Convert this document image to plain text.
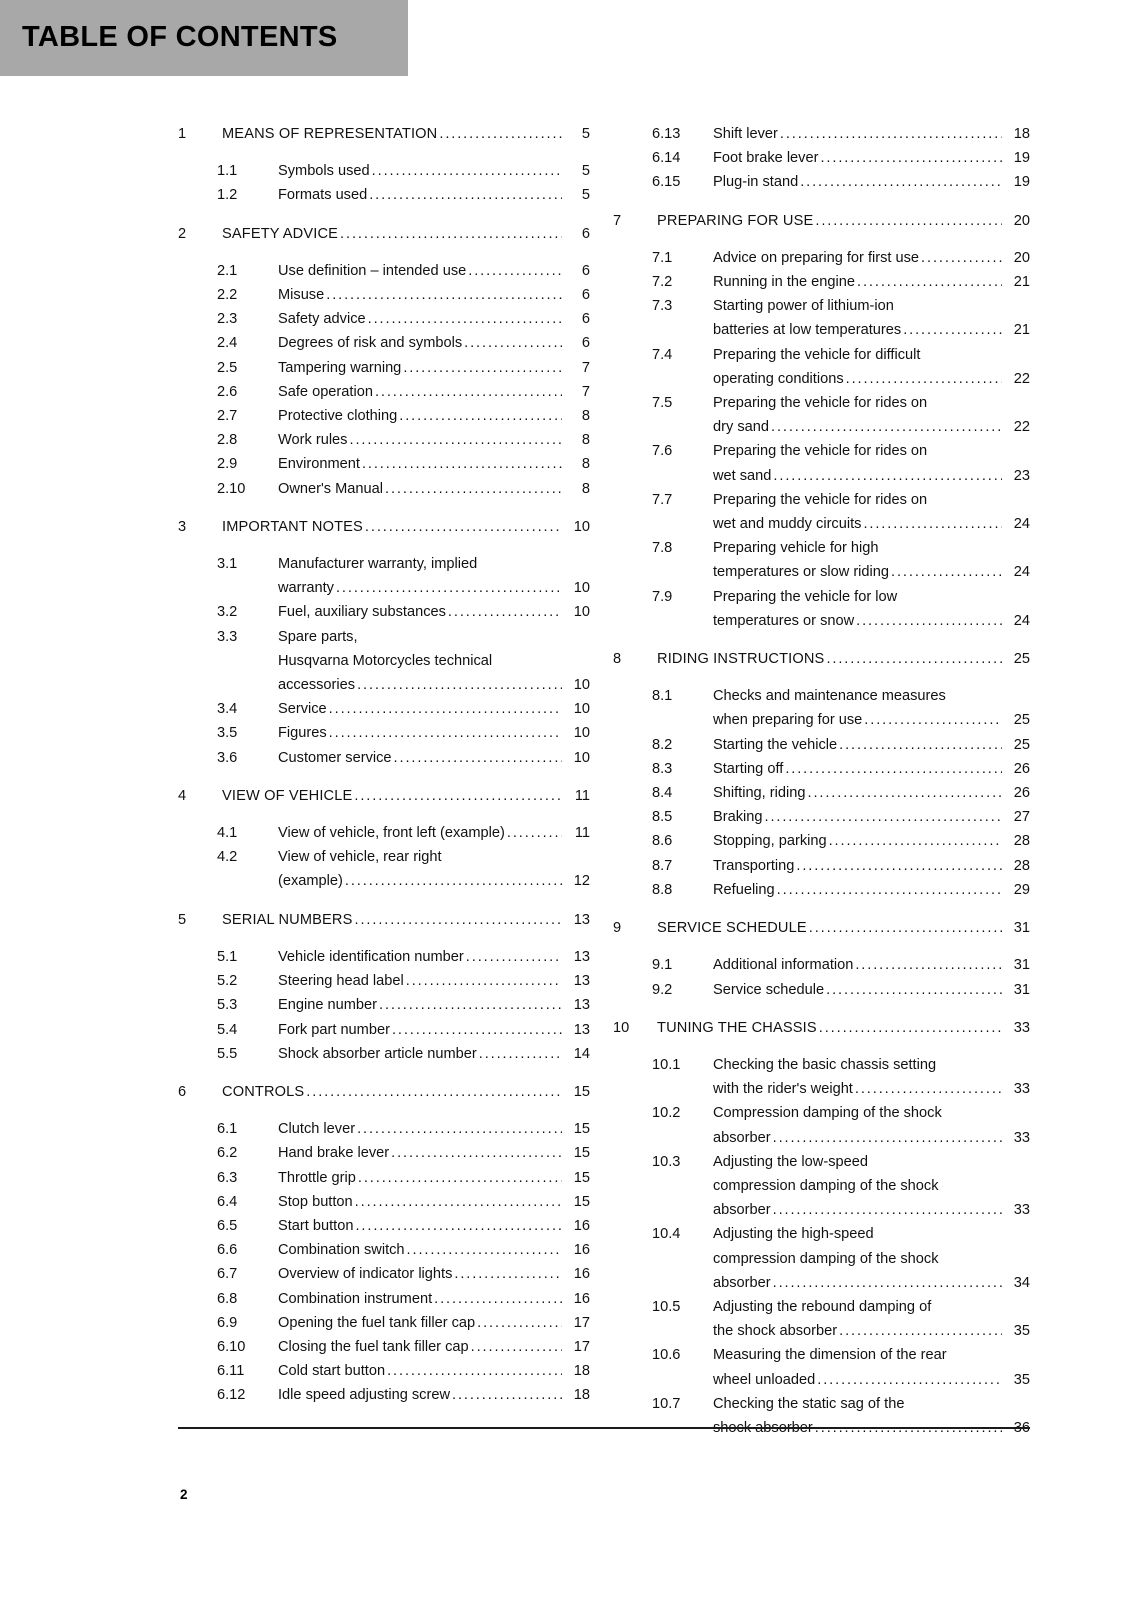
TABLE OF CONTENTS
1	MEANS OF REPRESENTATION .....	5
1.1	Symbols used .....	5
1.2	Formats used .....	5
2	SAFETY ADVICE .....	6
2.1	Use definition – intended use .....	6
2.2	Misuse .....	6
2.3	Safety advice .....	6
2.4	Degrees of risk and symbols .....	6
2.5	Tampering warning .....	7
2.6	Safe operation .....	7
2.7	Protective clothing .....	8
2.8	Work rules .....	8
2.9	Environment .....	8
2.10	Owner's Manual .....	8
3	IMPORTANT NOTES .....	10
3.1	Manufacturer warranty, implied
warranty .....	10
3.2	Fuel, auxiliary substances .....	10
3.3	Spare parts,
Husqvarna Motorcycles technical
accessories .....	10
3.4	Service .....	10
3.5	Figures .....	10
3.6	Customer service .....	10
4	VIEW OF VEHICLE .....	11
4.1	View of vehicle, front left (example) .....	11
4.2	View of vehicle, rear right
(example) .....	12
5	SERIAL NUMBERS .....	13
5.1	Vehicle identification number .....	13
5.2	Steering head label .....	13
5.3	Engine number .....	13
5.4	Fork part number .....	13
5.5	Shock absorber article number .....	14
6	CONTROLS .....	15
6.1	Clutch lever .....	15
6.2	Hand brake lever .....	15
6.3	Throttle grip .....	15
6.4	Stop button .....	15
6.5	Start button .....	16
6.6	Combination switch .....	16
6.7	Overview of indicator lights .....	16
6.8	Combination instrument .....	16
6.9	Opening the fuel tank filler cap .....	17
6.10	Closing the fuel tank filler cap .....	17
6.11	Cold start button .....	18
6.12	Idle speed adjusting screw .....	18
6.13	Shift lever .....	18
6.14	Foot brake lever .....	19
6.15	Plug-in stand .....	19
7	PREPARING FOR USE .....	20
7.1	Advice on preparing for first use .....	20
7.2	Running in the engine .....	21
7.3	Starting power of lithium-ion
batteries at low temperatures .....	21
7.4	Preparing the vehicle for difficult
operating conditions .....	22
7.5	Preparing the vehicle for rides on
dry sand .....	22
7.6	Preparing the vehicle for rides on
wet sand .....	23
7.7	Preparing the vehicle for rides on
wet and muddy circuits .....	24
7.8	Preparing vehicle for high
temperatures or slow riding .....	24
7.9	Preparing the vehicle for low
temperatures or snow .....	24
8	RIDING INSTRUCTIONS .....	25
8.1	Checks and maintenance measures
when preparing for use .....	25
8.2	Starting the vehicle .....	25
8.3	Starting off .....	26
8.4	Shifting, riding .....	26
8.5	Braking .....	27
8.6	Stopping, parking .....	28
8.7	Transporting .....	28
8.8	Refueling .....	29
9	SERVICE SCHEDULE .....	31
9.1	Additional information .....	31
9.2	Service schedule .....	31
10	TUNING THE CHASSIS .....	33
10.1	Checking the basic chassis setting
with the rider's weight .....	33
10.2	Compression damping of the shock
absorber .....	33
10.3	Adjusting the low-speed
compression damping of the shock
absorber .....	33
10.4	Adjusting the high-speed
compression damping of the shock
absorber .....	34
10.5	Adjusting the rebound damping of
the shock absorber .....	35
10.6	Measuring the dimension of the rear
wheel unloaded .....	35
10.7	Checking the static sag of the
shock absorber .....	36
2
